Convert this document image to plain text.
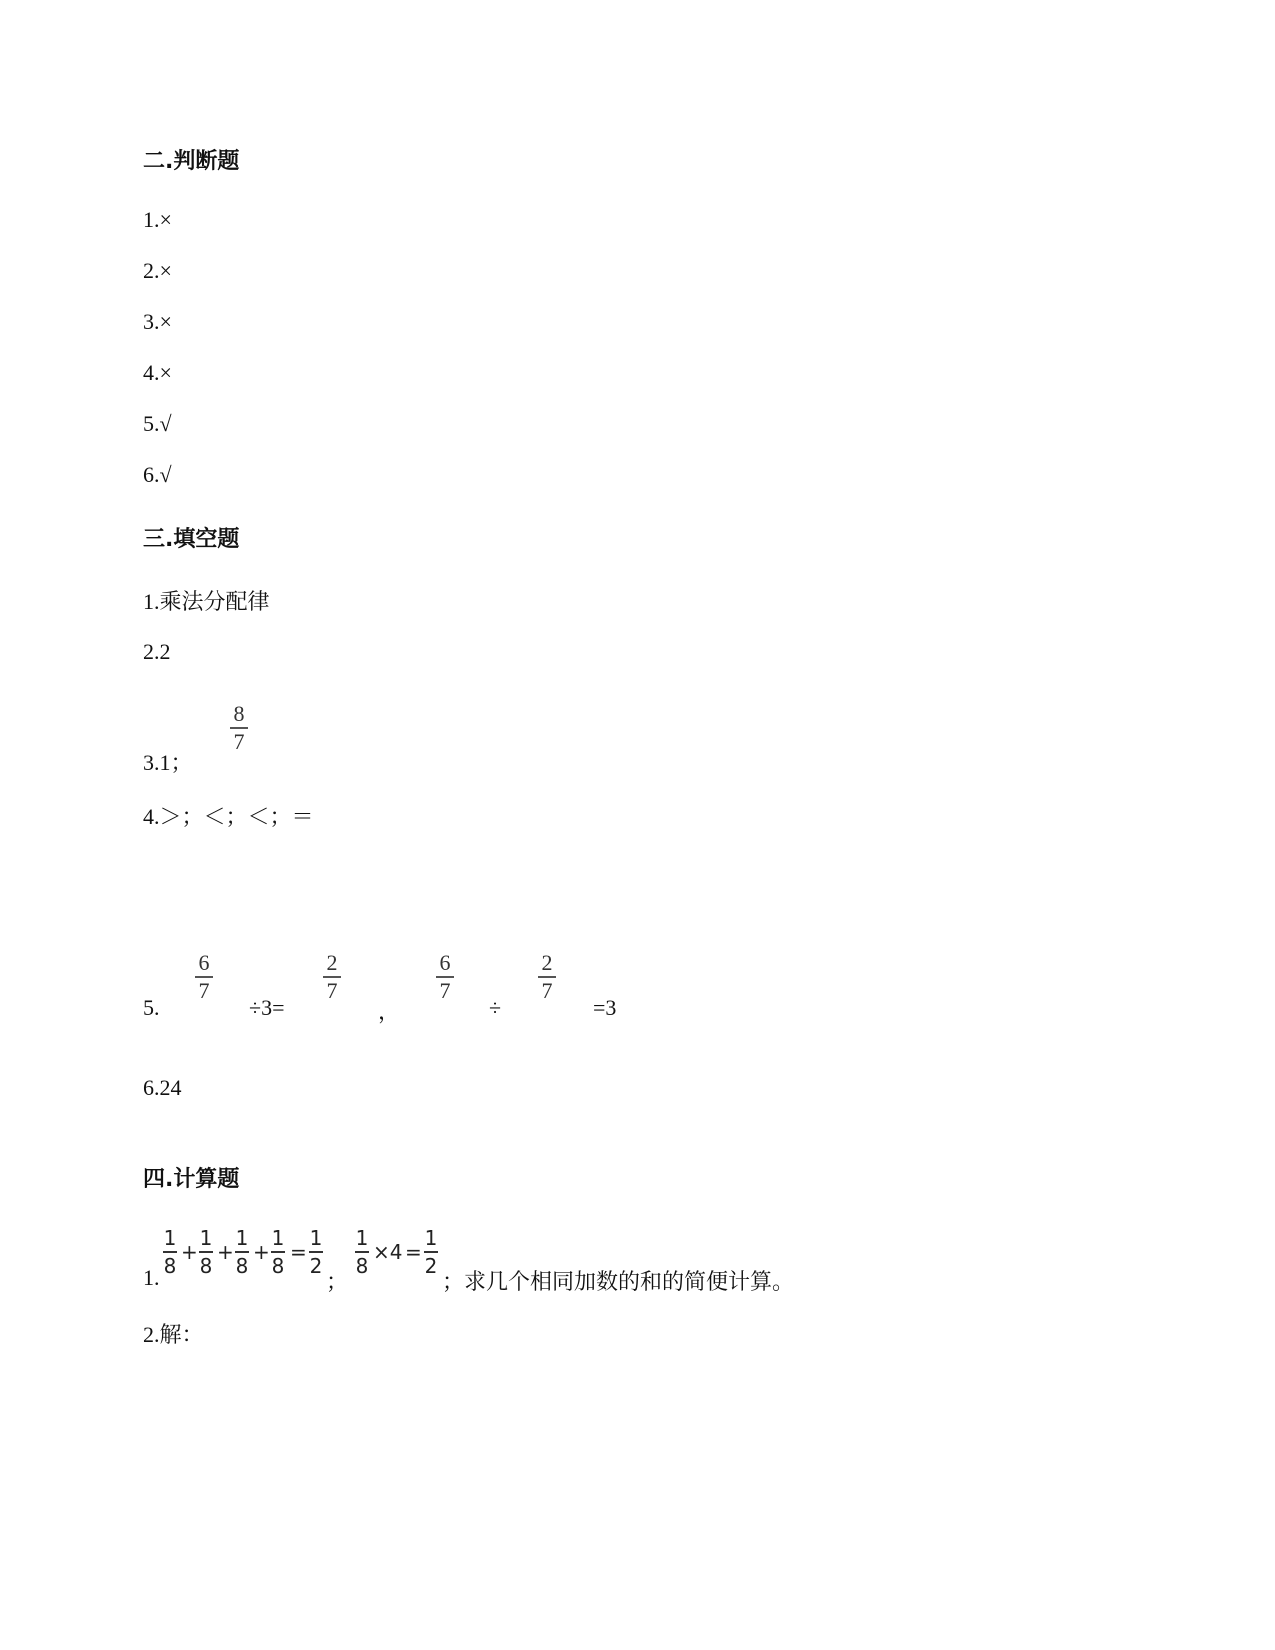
二.判断题
1.×
2.×
3.×
4.×
5.√
6.√
三.填空题
1.乘法分配律
2.2
3.1；
8
7
4.＞；＜；＜；＝
5.
6
7
÷3=
2
7
，
6
7
÷
2
7
=3
6.24
四.计算题
1.
1
8
+
1
8
+
1
8
+
1
8
=
1
2
；
1
8
×4 =
1
2
；求几个相同加数的和的简便计算。
2.解：
